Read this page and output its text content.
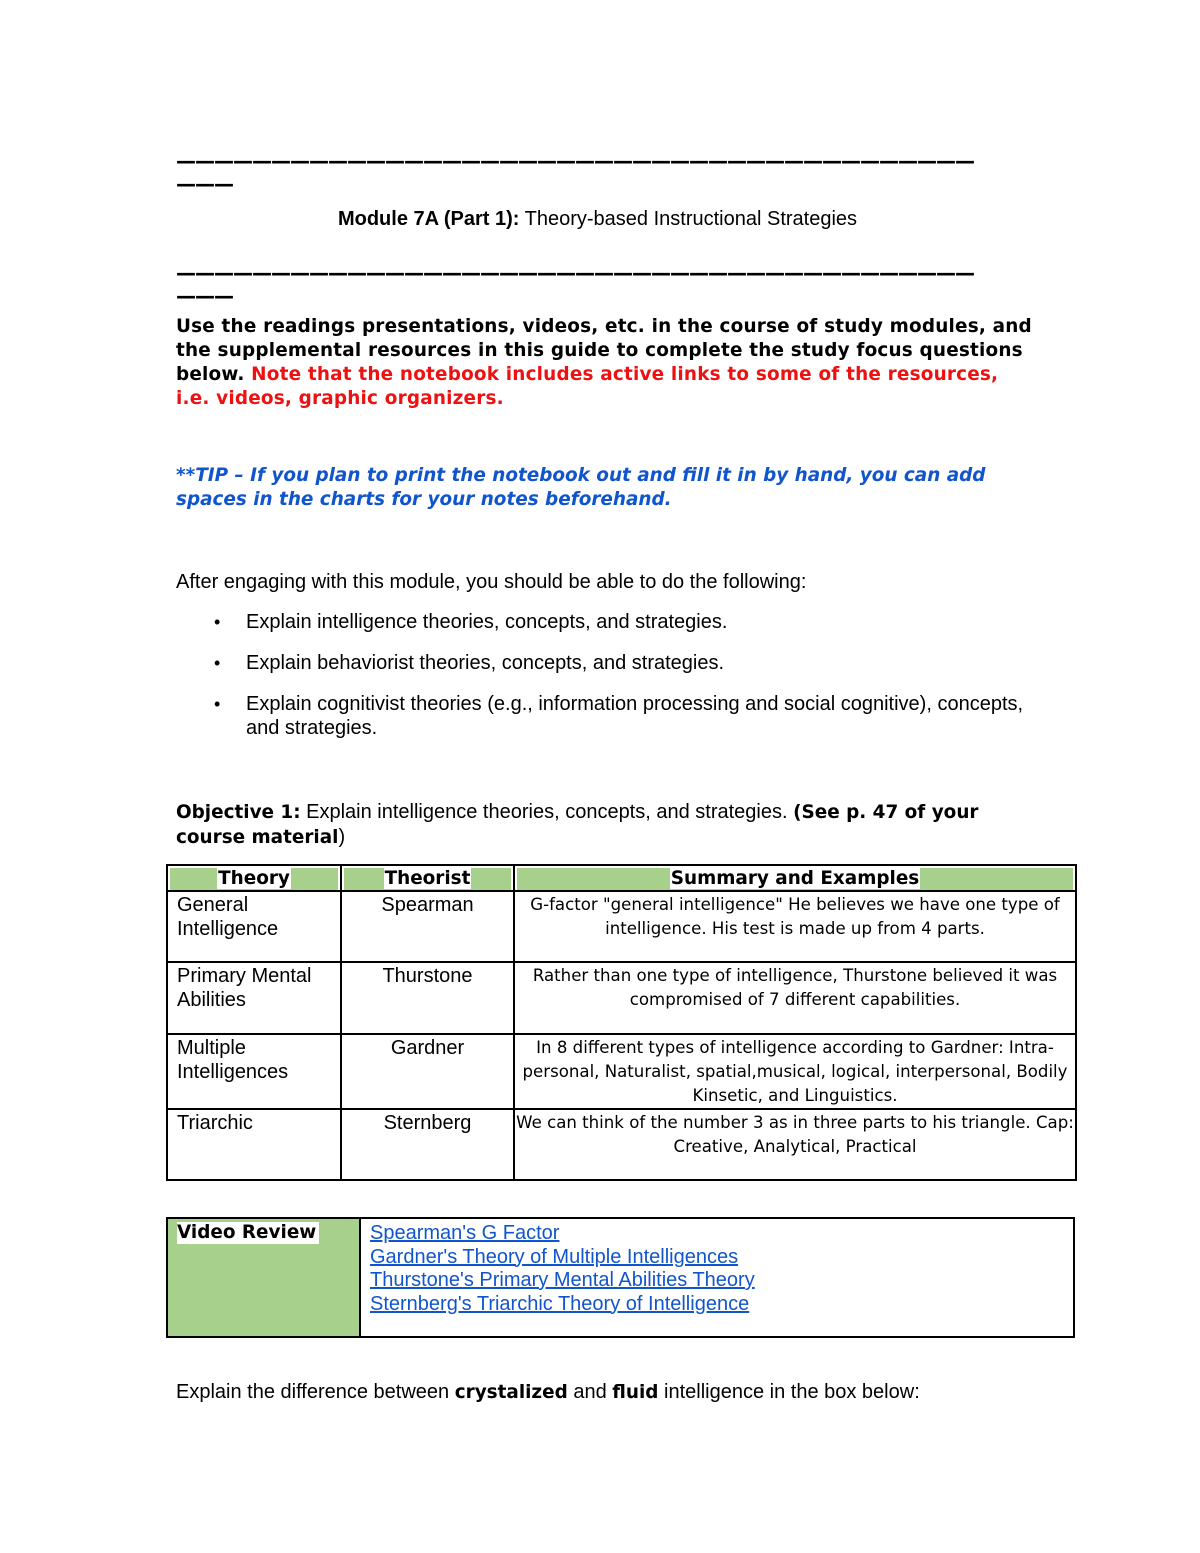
——————————————————————————————————————————
———
Module 7A (Part 1): Theory-based Instructional Strategies
——————————————————————————————————————————
———
Use the readings presentations, videos, etc. in the course of study modules, and the supplemental resources in this guide to complete the study focus questions below. Note that the notebook includes active links to some of the resources, i.e. videos, graphic organizers.
**TIP – If you plan to print the notebook out and fill it in by hand, you can add spaces in the charts for your notes beforehand.
After engaging with this module, you should be able to do the following:
• Explain intelligence theories, concepts, and strategies.
• Explain behaviorist theories, concepts, and strategies.
• Explain cognitivist theories (e.g., information processing and social cognitive), concepts, and strategies.
Objective 1: Explain intelligence theories, concepts, and strategies. (See p. 47 of your course material)
Theory	Theorist	Summary and Examples

General Intelligence	Spearman	G-factor "general intelligence" He believes we have one type of intelligence. His test is made up from 4 parts.

Primary Mental Abilities	Thurstone	Rather than one type of intelligence, Thurstone believed it was compromised of 7 different capabilities.

Multiple Intelligences	Gardner	In 8 different types of intelligence according to Gardner: Intra-personal, Naturalist, spatial,musical, logical, interpersonal, Bodily Kinsetic, and Linguistics.

Triarchic	Sternberg	We can think of the number 3 as in three parts to his triangle. Cap: Creative, Analytical, Practical
Video Review	Spearman's G Factor
Gardner's Theory of Multiple Intelligences
Thurstone's Primary Mental Abilities Theory
Sternberg's Triarchic Theory of Intelligence
Explain the difference between crystalized and fluid intelligence in the box below:
